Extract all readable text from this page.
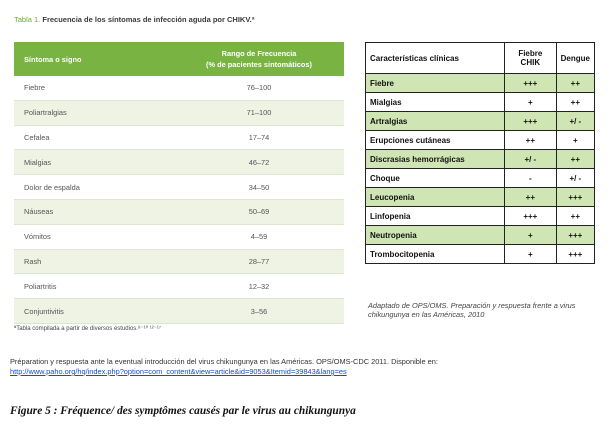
Tabla 1. Frecuencia de los síntomas de infección aguda por CHIKV.ª
Síntoma o signo	Rango de Frecuencia
(% de pacientes sintomáticos)

Fiebre	76–100
Poliartralgias	71–100
Cefalea	17–74
Mialgias	46–72
Dolor de espalda	34–50
Náuseas	50–69
Vómitos	4–59
Rash	28–77
Poliartritis	12–32
Conjuntivitis	3–56
ªTabla compilada a partir de diversos estudios.⁸⁻¹⁰ ¹²⁻¹⁷
Características clínicas	Fiebre CHIK	Dengue
Fiebre	+++	++
Mialgias	+	++
Artralgias	+++	+/ -
Erupciones cutáneas	++	+
Discrasias hemorrágicas	+/ -	++
Choque	-	+/ -
Leucopenia	++	+++
Linfopenia	+++	++
Neutropenia	+	+++
Trombocitopenia	+	+++
Adaptado de OPS/OMS. Preparación y respuesta frente a virus chikungunya en las Américas, 2010
Préparation y respuesta ante la eventual introducción del virus chikungunya en las Américas. OPS/OMS-CDC 2011. Disponible en:
http://www.paho.org/hq/index.php?option=com_content&view=article&id=9053&Itemid=39843&lang=es
Figure 5 : Fréquence/ des symptômes causés par le virus au chikungunya
